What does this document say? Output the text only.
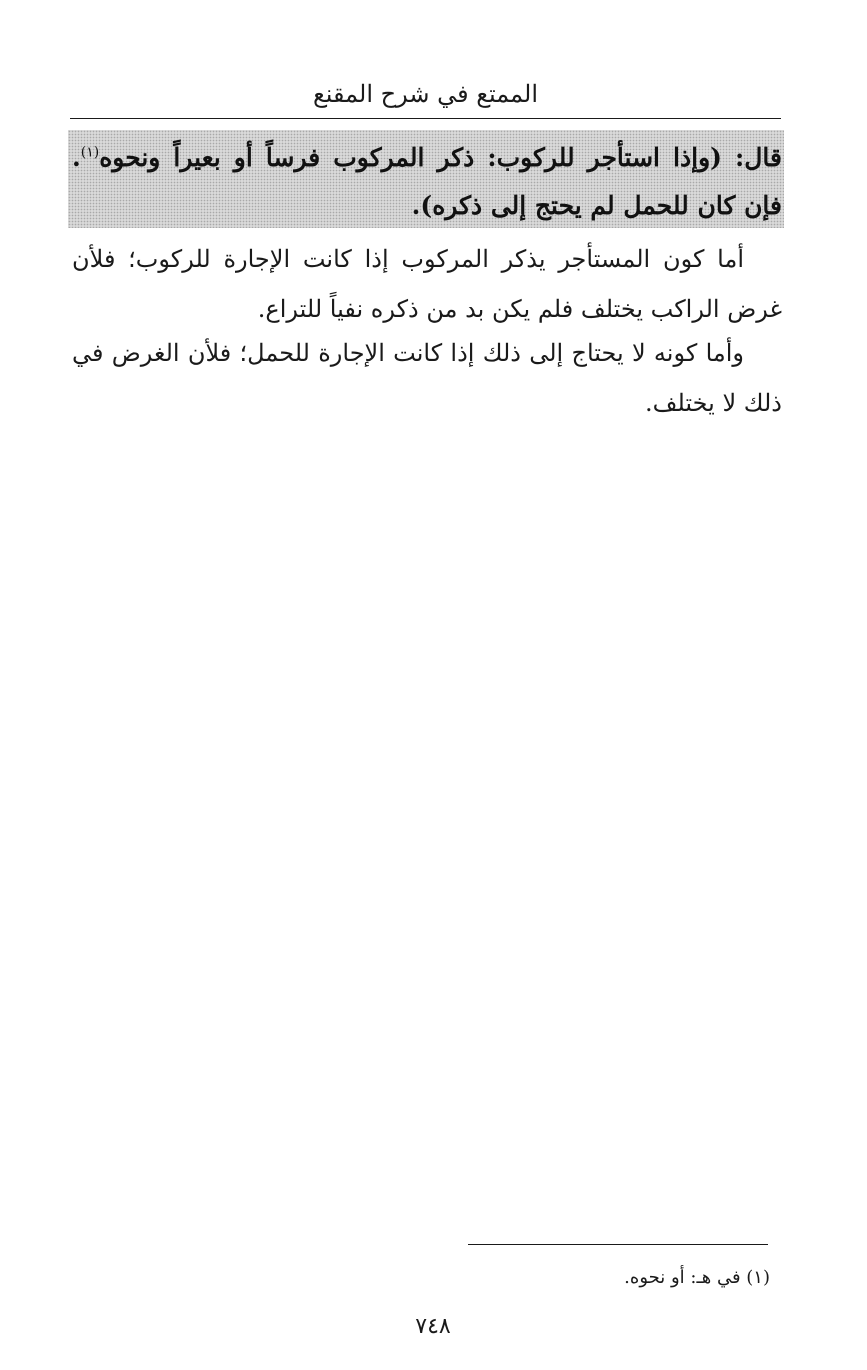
الممتع في شرح المقنع
قال: (وإذا استأجر للركوب: ذكر المركوب فرساً أو بعيراً ونحوه$^{(١)}$. فإن كان للحمل لم يحتج إلى ذكره).
أما كون المستأجر يذكر المركوب إذا كانت الإجارة للركوب؛ فلأن غرض الراكب يختلف فلم يكن بد من ذكره نفياً للتراع.
وأما كونه لا يحتاج إلى ذلك إذا كانت الإجارة للحمل؛ فلأن الغرض في ذلك لا يختلف.
(١) في هـ: أو نحوه.
٧٤٨
